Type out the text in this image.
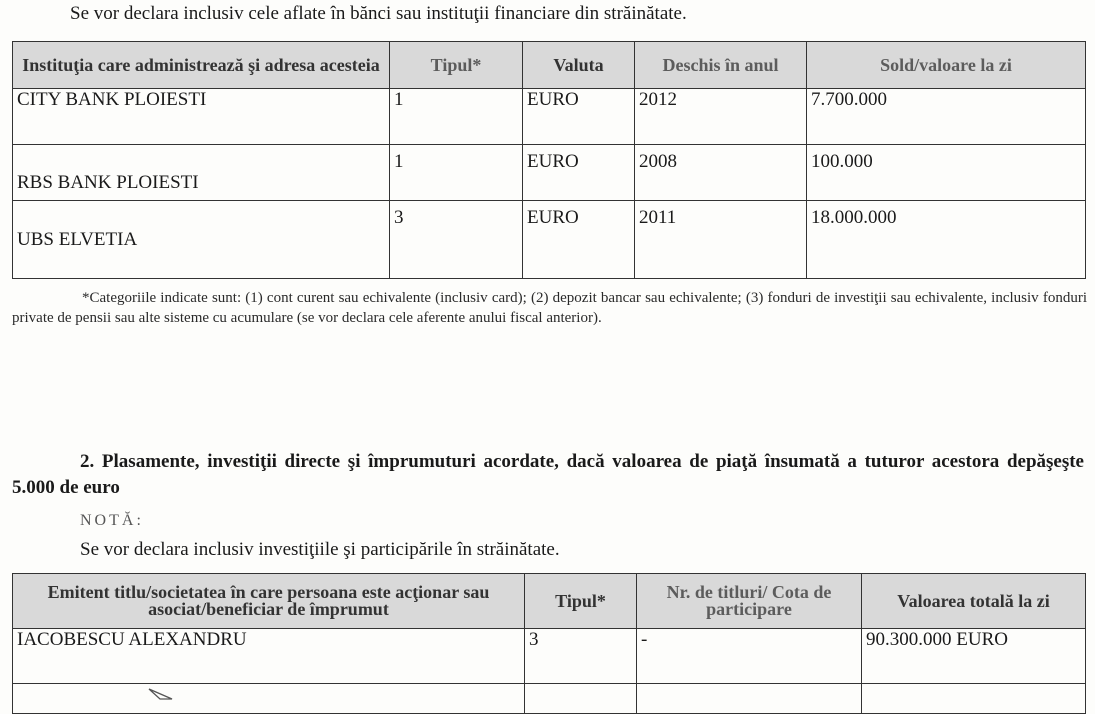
Se vor declara inclusiv cele aflate în bănci sau instituţii financiare din străinătate.
Instituţia care administrează şi adresa acesteia	Tipul*	Valuta	Deschis în anul	Sold/valoare la zi
CITY BANK PLOIESTI	1	EURO	2012	7.700.000
RBS BANK PLOIESTI	1	EURO	2008	100.000
UBS ELVETIA	3	EURO	2011	18.000.000
*Categoriile indicate sunt: (1) cont curent sau echivalente (inclusiv card); (2) depozit bancar sau echivalente; (3) fonduri de investiţii sau echivalente, inclusiv fonduri private de pensii sau alte sisteme cu acumulare (se vor declara cele aferente anului fiscal anterior).
2. Plasamente, investiţii directe şi împrumuturi acordate, dacă valoarea de piaţă însumată a tuturor acestora depăşeşte 5.000 de euro
NOTĂ:
Se vor declara inclusiv investiţiile şi participările în străinătate.
Emitent titlu/societatea în care persoana este acţionar sau asociat/beneficiar de împrumut	Tipul*	Nr. de titluri/ Cota de participare	Valoarea totală la zi
IACOBESCU ALEXANDRU	3	-	90.300.000 EURO
